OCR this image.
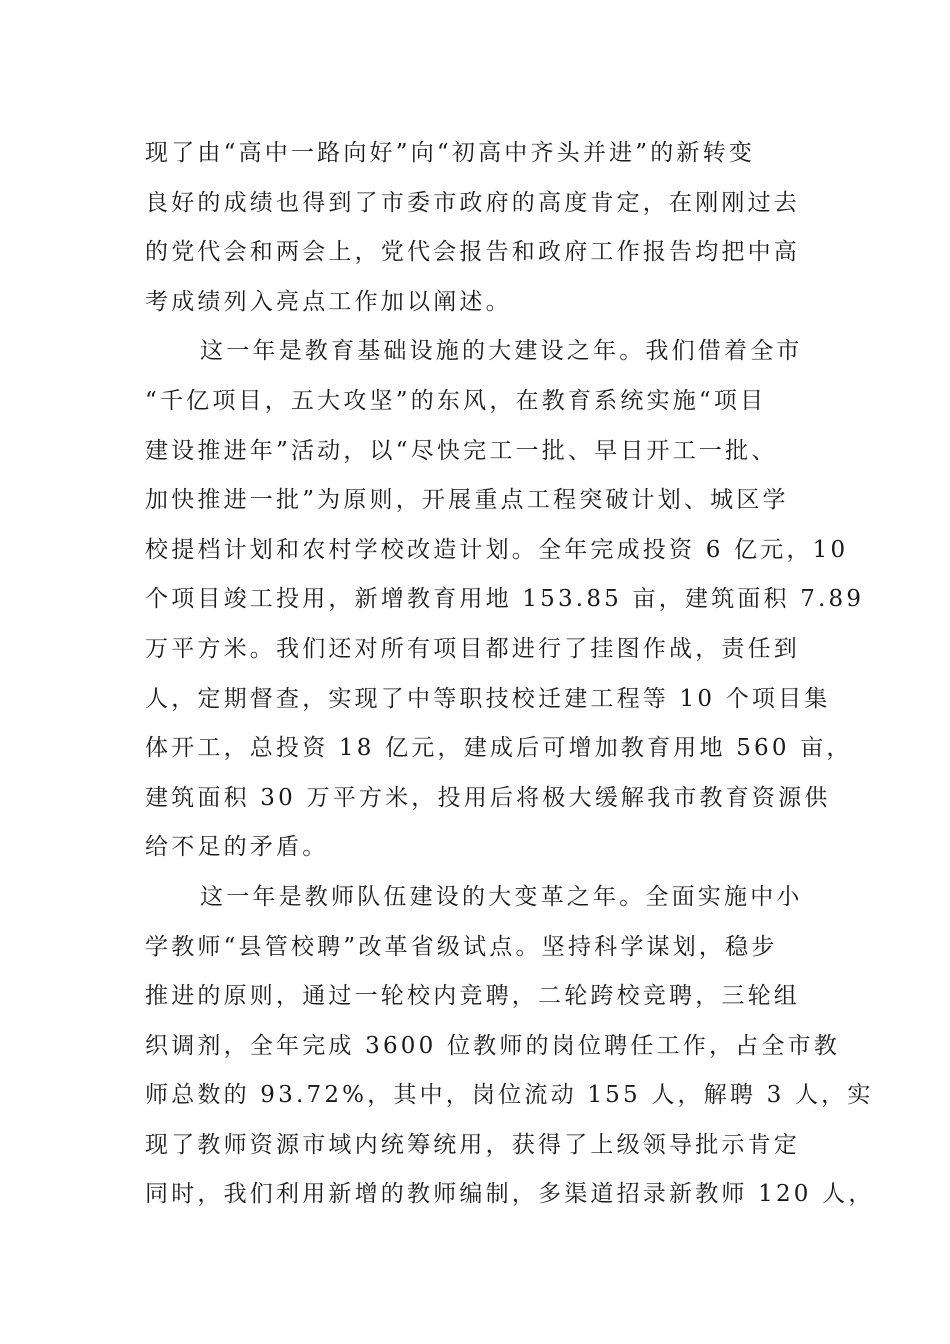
现了由“高中一路向好”向“初高中齐头并进”的新转变
良好的成绩也得到了市委市政府的高度肯定，在刚刚过去
的党代会和两会上，党代会报告和政府工作报告均把中高
考成绩列入亮点工作加以阐述。
这一年是教育基础设施的大建设之年。我们借着全市
“千亿项目，五大攻坚”的东风，在教育系统实施“项目
建设推进年”活动，以“尽快完工一批、早日开工一批、
加快推进一批”为原则，开展重点工程突破计划、城区学
校提档计划和农村学校改造计划。全年完成投资 6 亿元，10
个项目竣工投用，新增教育用地 153.85 亩，建筑面积 7.89
万平方米。我们还对所有项目都进行了挂图作战，责任到
人，定期督查，实现了中等职技校迁建工程等 10 个项目集
体开工，总投资 18 亿元，建成后可增加教育用地 560 亩，
建筑面积 30 万平方米，投用后将极大缓解我市教育资源供
给不足的矛盾。
这一年是教师队伍建设的大变革之年。全面实施中小
学教师“县管校聘”改革省级试点。坚持科学谋划，稳步
推进的原则，通过一轮校内竞聘，二轮跨校竞聘，三轮组
织调剂，全年完成 3600 位教师的岗位聘任工作，占全市教
师总数的 93.72%，其中，岗位流动 155 人，解聘 3 人，实
现了教师资源市域内统筹统用，获得了上级领导批示肯定
同时，我们利用新增的教师编制，多渠道招录新教师 120 人，
